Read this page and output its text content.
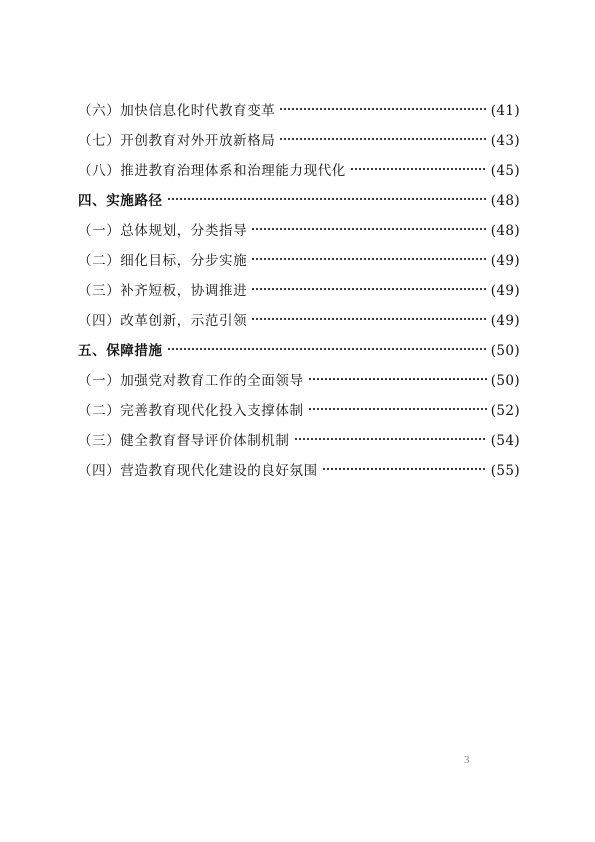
（六）加快信息化时代教育变革	(41)
（七）开创教育对外开放新格局	(43)
（八）推进教育治理体系和治理能力现代化	(45)
四、实施路径	(48)
（一）总体规划，分类指导	(48)
（二）细化目标，分步实施	(49)
（三）补齐短板，协调推进	(49)
（四）改革创新，示范引领	(49)
五、保障措施	(50)
（一）加强党对教育工作的全面领导	(50)
（二）完善教育现代化投入支撑体制	(52)
（三）健全教育督导评价体制机制	(54)
（四）营造教育现代化建设的良好氛围	(55)
3
